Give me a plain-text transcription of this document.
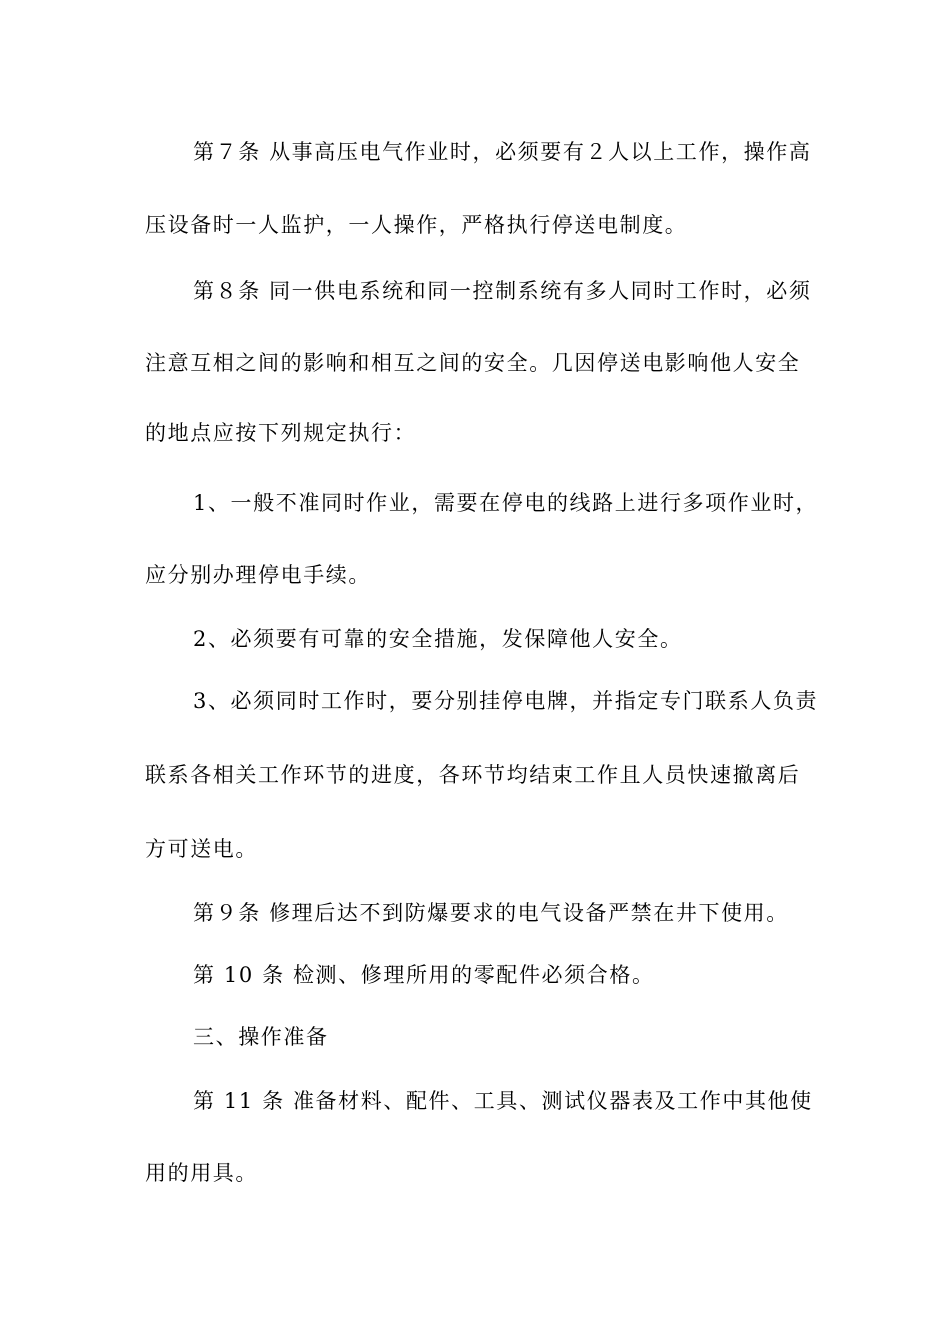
第７条 从事高压电气作业时，必须要有２人以上工作，操作高
压设备时一人监护，一人操作，严格执行停送电制度。
第８条 同一供电系统和同一控制系统有多人同时工作时，必须
注意互相之间的影响和相互之间的安全。几因停送电影响他人安全
的地点应按下列规定执行：
1、一般不准同时作业，需要在停电的线路上进行多项作业时，
应分别办理停电手续。
2、必须要有可靠的安全措施，发保障他人安全。
3、必须同时工作时，要分别挂停电牌，并指定专门联系人负责
联系各相关工作环节的进度，各环节均结束工作且人员快速撤离后
方可送电。
第９条 修理后达不到防爆要求的电气设备严禁在井下使用。
第 10 条 检测、修理所用的零配件必须合格。
三、操作准备
第 11 条 准备材料、配件、工具、测试仪器表及工作中其他使
用的用具。
